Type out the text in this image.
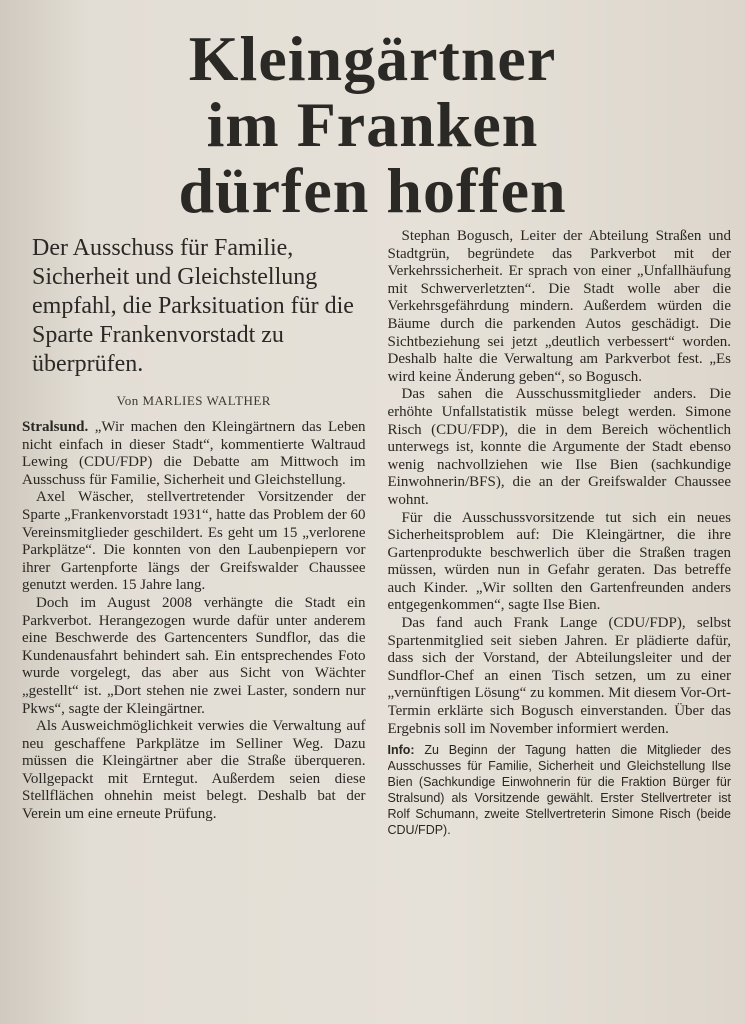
Kleingärtner
im Franken
dürfen hoffen
Der Ausschuss für Familie, Sicherheit und Gleichstellung empfahl, die Parksituation für die Sparte Frankenvorstadt zu überprüfen.
Von MARLIES WALTHER

Stralsund. „Wir machen den Kleingärtnern das Leben nicht einfach in dieser Stadt“, kommentierte Waltraud Lewing (CDU/FDP) die Debatte am Mittwoch im Ausschuss für Familie, Sicherheit und Gleichstellung.

Axel Wäscher, stellvertretender Vorsitzender der Sparte „Frankenvorstadt 1931“, hatte das Problem der 60 Vereinsmitglieder geschildert. Es geht um 15 „verlorene Parkplätze“. Die konnten von den Laubenpiepern vor ihrer Gartenpforte längs der Greifswalder Chaussee genutzt werden. 15 Jahre lang.

Doch im August 2008 verhängte die Stadt ein Parkverbot. Herangezogen wurde dafür unter anderem eine Beschwerde des Gartencenters Sundflor, das die Kundenausfahrt behindert sah. Ein entsprechendes Foto wurde vorgelegt, das aber aus Sicht von Wächter „gestellt“ ist. „Dort stehen nie zwei Laster, sondern nur Pkws“, sagte der Kleingärtner.

Als Ausweichmöglichkeit verwies die Verwaltung auf neu geschaffene Parkplätze im Selliner Weg. Dazu müssen die Kleingärtner aber die Straße überqueren. Vollgepackt mit Erntegut. Außerdem seien diese Stellflächen ohnehin meist belegt. Deshalb bat der Verein um eine erneute Prüfung.

Stephan Bogusch, Leiter der Abteilung Straßen und Stadtgrün, begründete das Parkverbot mit der Verkehrssicherheit. Er sprach von einer „Unfallhäufung mit Schwerverletzten“. Die Stadt wolle aber die Verkehrsgefährdung mindern. Außerdem würden die Bäume durch die parkenden Autos geschädigt. Die Sichtbeziehung sei jetzt „deutlich verbessert“ worden. Deshalb halte die Verwaltung am Parkverbot fest. „Es wird keine Änderung geben“, so Bogusch.

Das sahen die Ausschussmitglieder anders. Die erhöhte Unfallstatistik müsse belegt werden. Simone Risch (CDU/FDP), die in dem Bereich wöchentlich unterwegs ist, konnte die Argumente der Stadt ebenso wenig nachvollziehen wie Ilse Bien (sachkundige Einwohnerin/BFS), die an der Greifswalder Chaussee wohnt.

Für die Ausschussvorsitzende tut sich ein neues Sicherheitsproblem auf: Die Kleingärtner, die ihre Gartenprodukte beschwerlich über die Straßen tragen müssen, würden nun in Gefahr geraten. Das betreffe auch Kinder. „Wir sollten den Gartenfreunden anders entgegenkommen“, sagte Ilse Bien.

Das fand auch Frank Lange (CDU/FDP), selbst Spartenmitglied seit sieben Jahren. Er plädierte dafür, dass sich der Vorstand, der Abteilungsleiter und der Sundflor-Chef an einen Tisch setzen, um zu einer „vernünftigen Lösung“ zu kommen. Mit diesem Vor-Ort-Termin erklärte sich Bogusch einverstanden. Über das Ergebnis soll im November informiert werden.

Info: Zu Beginn der Tagung hatten die Mitglieder des Ausschusses für Familie, Sicherheit und Gleichstellung Ilse Bien (Sachkundige Einwohnerin für die Fraktion Bürger für Stralsund) als Vorsitzende gewählt. Erster Stellvertreter ist Rolf Schumann, zweite Stellvertreterin Simone Risch (beide CDU/FDP).
